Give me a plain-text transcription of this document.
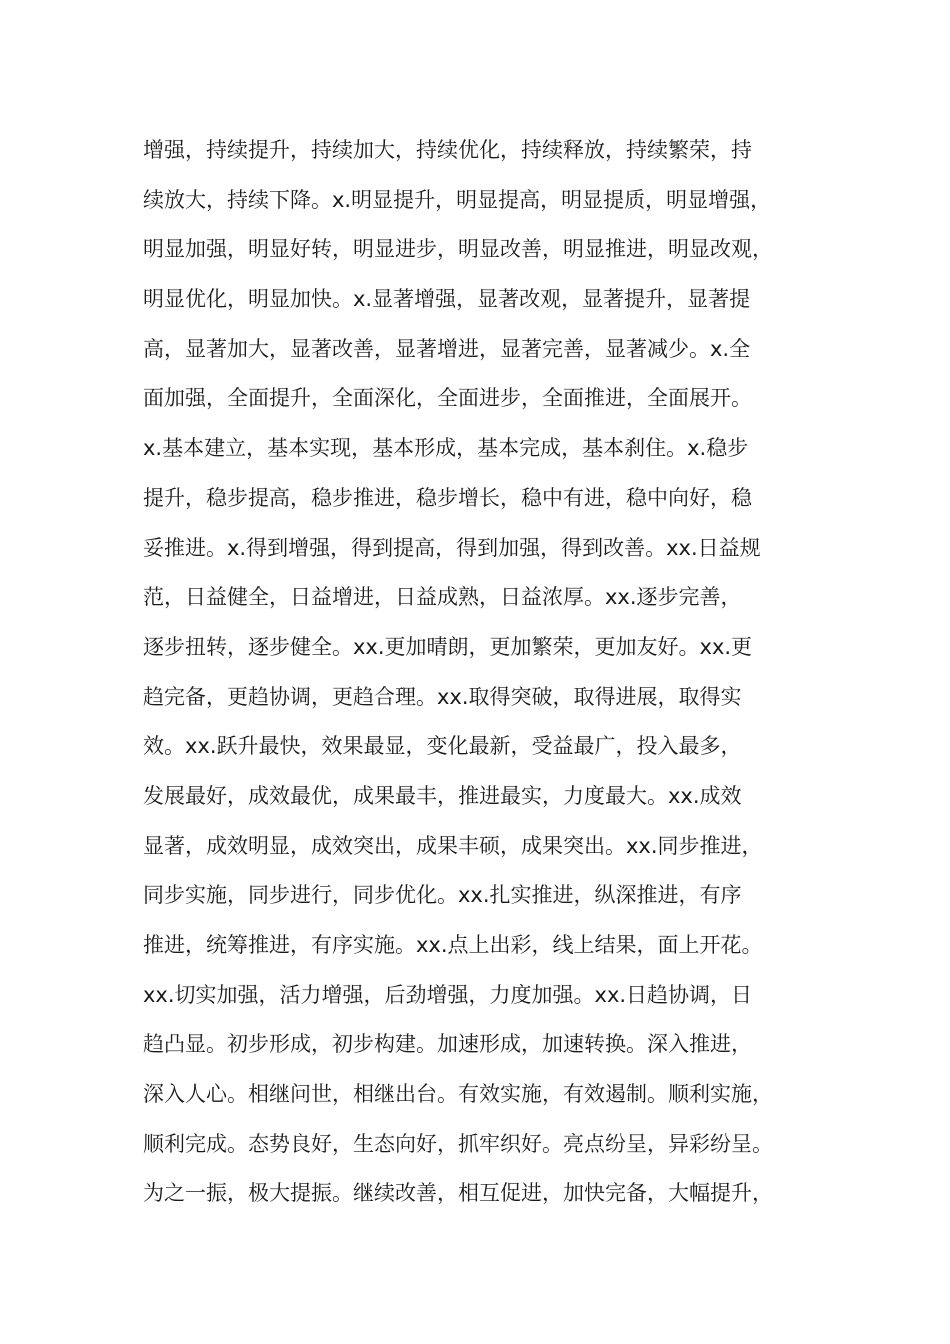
增强，持续提升，持续加大，持续优化，持续释放，持续繁荣，持
续放大，持续下降。x.明显提升，明显提高，明显提质，明显增强，
明显加强，明显好转，明显进步，明显改善，明显推进，明显改观，
明显优化，明显加快。x.显著增强，显著改观，显著提升，显著提
高，显著加大，显著改善，显著增进，显著完善，显著减少。x.全
面加强，全面提升，全面深化，全面进步，全面推进，全面展开。
x.基本建立，基本实现，基本形成，基本完成，基本刹住。x.稳步
提升，稳步提高，稳步推进，稳步增长，稳中有进，稳中向好，稳
妥推进。x.得到增强，得到提高，得到加强，得到改善。xx.日益规
范，日益健全，日益增进，日益成熟，日益浓厚。xx.逐步完善，
逐步扭转，逐步健全。xx.更加晴朗，更加繁荣，更加友好。xx.更
趋完备，更趋协调，更趋合理。xx.取得突破，取得进展，取得实
效。xx.跃升最快，效果最显，变化最新，受益最广，投入最多，
发展最好，成效最优，成果最丰，推进最实，力度最大。xx.成效
显著，成效明显，成效突出，成果丰硕，成果突出。xx.同步推进，
同步实施，同步进行，同步优化。xx.扎实推进，纵深推进，有序
推进，统筹推进，有序实施。xx.点上出彩，线上结果，面上开花。
xx.切实加强，活力增强，后劲增强，力度加强。xx.日趋协调，日
趋凸显。初步形成，初步构建。加速形成，加速转换。深入推进，
深入人心。相继问世，相继出台。有效实施，有效遏制。顺利实施，
顺利完成。态势良好，生态向好，抓牢织好。亮点纷呈，异彩纷呈。
为之一振，极大提振。继续改善，相互促进，加快完备，大幅提升，
